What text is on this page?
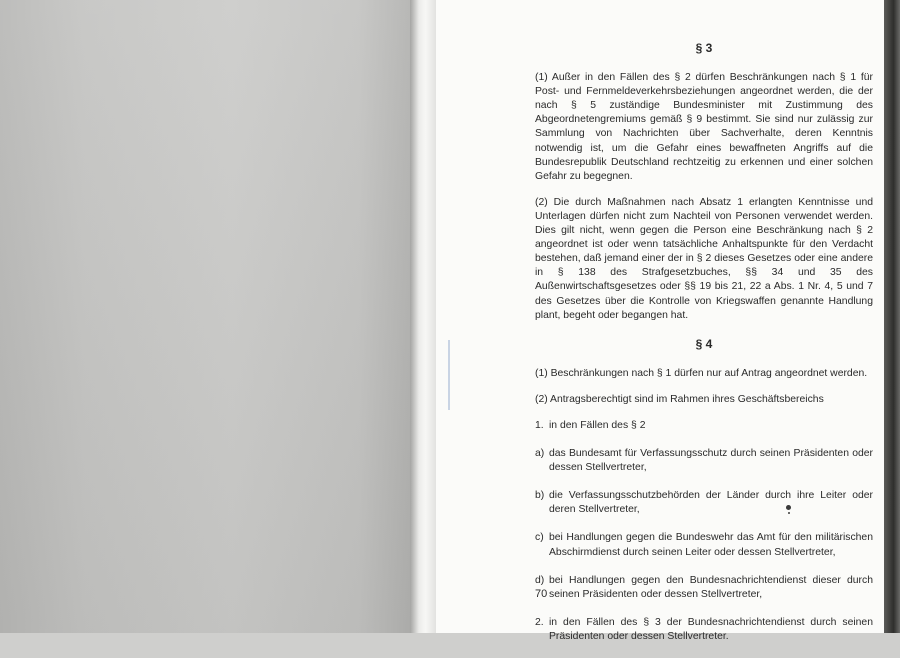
§ 3

(1) Außer in den Fällen des § 2 dürfen Beschränkungen nach § 1 für Post- und Fernmeldeverkehrsbeziehungen angeordnet werden, die der nach § 5 zuständige Bundesminister mit Zustimmung des Abgeordnetengremiums gemäß § 9 bestimmt. Sie sind nur zulässig zur Sammlung von Nachrichten über Sachverhalte, deren Kenntnis notwendig ist, um die Gefahr eines bewaffneten Angriffs auf die Bundesrepublik Deutschland rechtzeitig zu erkennen und einer solchen Gefahr zu begegnen.

(2) Die durch Maßnahmen nach Absatz 1 erlangten Kenntnisse und Unterlagen dürfen nicht zum Nachteil von Personen verwendet werden. Dies gilt nicht, wenn gegen die Person eine Beschränkung nach § 2 angeordnet ist oder wenn tatsächliche Anhaltspunkte für den Verdacht bestehen, daß jemand einer der in § 2 dieses Gesetzes oder eine andere in § 138 des Strafgesetzbuches, §§ 34 und 35 des Außenwirtschaftsgesetzes oder §§ 19 bis 21, 22 a Abs. 1 Nr. 4, 5 und 7 des Gesetzes über die Kontrolle von Kriegswaffen genannte Handlung plant, begeht oder begangen hat.

§ 4

(1) Beschränkungen nach § 1 dürfen nur auf Antrag angeordnet werden.

(2) Antragsberechtigt sind im Rahmen ihres Geschäftsbereichs

1. in den Fällen des § 2
a) das Bundesamt für Verfassungsschutz durch seinen Präsidenten oder dessen Stellvertreter,
b) die Verfassungsschutzbehörden der Länder durch ihre Leiter oder deren Stellvertreter,
c) bei Handlungen gegen die Bundeswehr das Amt für den militärischen Abschirmdienst durch seinen Leiter oder dessen Stellvertreter,
d) bei Handlungen gegen den Bundesnachrichtendienst dieser durch seinen Präsidenten oder dessen Stellvertreter,
2. in den Fällen des § 3 der Bundesnachrichtendienst durch seinen Präsidenten oder dessen Stellvertreter.
70
